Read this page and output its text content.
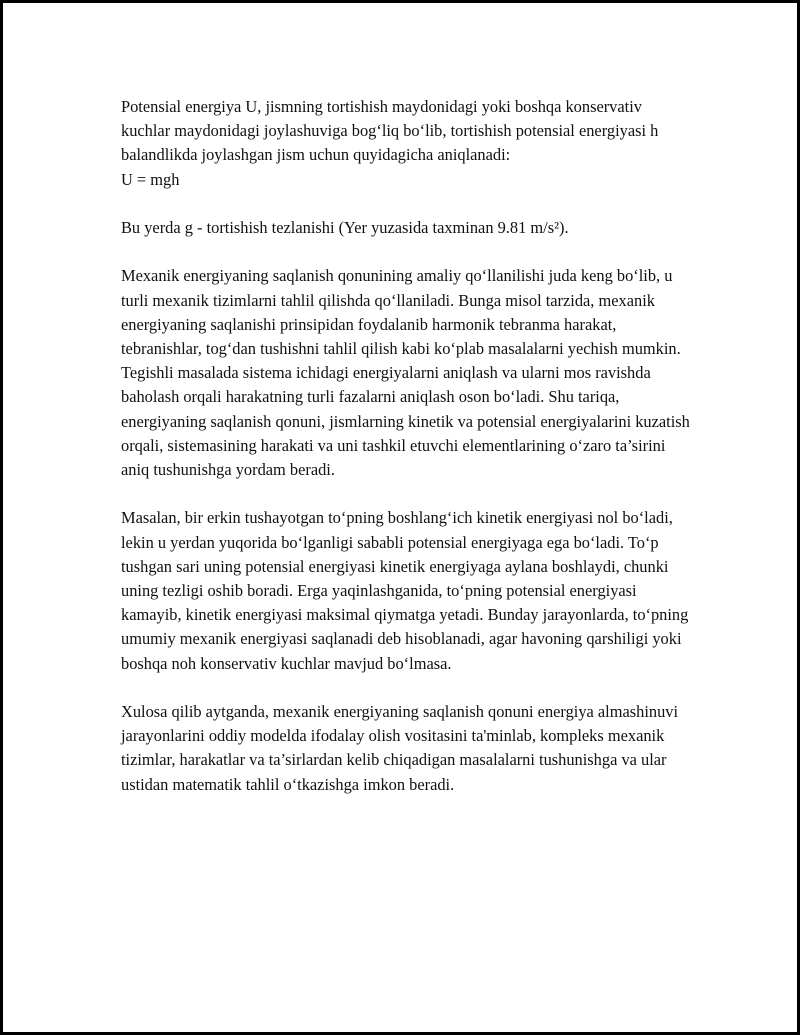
Potensial energiya U, jismning tortishish maydonidagi yoki boshqa konservativ kuchlar maydonidagi joylashuviga bog‘liq bo‘lib, tortishish potensial energiyasi h balandlikda joylashgan jism uchun quyidagicha aniqlanadi:
U = mgh

Bu yerda g - tortishish tezlanishi (Yer yuzasida taxminan 9.81 m/s²).

Mexanik energiyaning saqlanish qonunining amaliy qo‘llanilishi juda keng bo‘lib, u turli mexanik tizimlarni tahlil qilishda qo‘llaniladi. Bunga misol tarzida, mexanik energiyaning saqlanishi prinsipidan foydalanib harmonik tebranma harakat, tebranishlar, tog‘dan tushishni tahlil qilish kabi ko‘plab masalalarni yechish mumkin. Tegishli masalada sistema ichidagi energiyalarni aniqlash va ularni mos ravishda baholash orqali harakatning turli fazalarni aniqlash oson bo‘ladi. Shu tariqa, energiyaning saqlanish qonuni, jismlarning kinetik va potensial energiyalarini kuzatish orqali, sistemasining harakati va uni tashkil etuvchi elementlarining o‘zaro ta’sirini aniq tushunishga yordam beradi.

Masalan, bir erkin tushayotgan to‘pning boshlang‘ich kinetik energiyasi nol bo‘ladi, lekin u yerdan yuqorida bo‘lganligi sababli potensial energiyaga ega bo‘ladi. To‘p tushgan sari uning potensial energiyasi kinetik energiyaga aylana boshlaydi, chunki uning tezligi oshib boradi. Erga yaqinlashganida, to‘pning potensial energiyasi kamayib, kinetik energiyasi maksimal qiymatga yetadi. Bunday jarayonlarda, to‘pning umumiy mexanik energiyasi saqlanadi deb hisoblanadi, agar havoning qarshiligi yoki boshqa noh konservativ kuchlar mavjud bo‘lmasa.

Xulosa qilib aytganda, mexanik energiyaning saqlanish qonuni energiya almashinuvi jarayonlarini oddiy modelda ifodalay olish vositasini ta'minlab, kompleks mexanik tizimlar, harakatlar va ta’sirlardan kelib chiqadigan masalalarni tushunishga va ular ustidan matematik tahlil o‘tkazishga imkon beradi.
